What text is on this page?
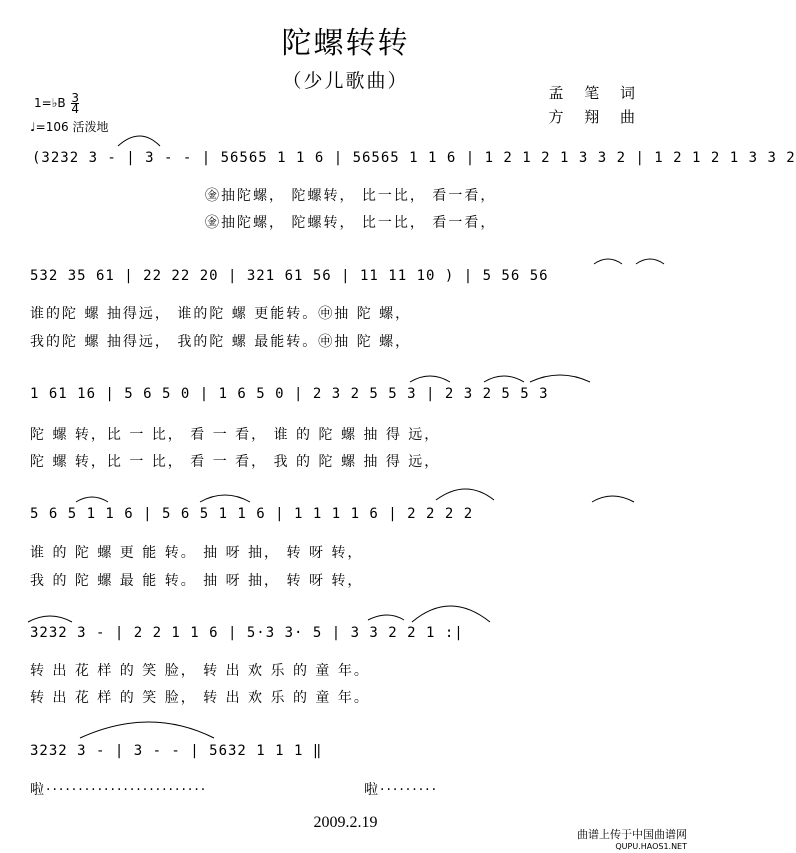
陀螺转转
（少儿歌曲）
孟 笔 词
方 翔 曲
1=♭B $\frac{3}{4}$
♩=106 活泼地
(3232 3 - | 3 - - | 56565 1 1 6 | 56565 1 1 6 | 1 2 1 2 1 3 3 2 | 1 2 1 2 1 3 3 2
㊎抽陀螺， 陀螺转， 比一比， 看一看，
㊎抽陀螺， 陀螺转， 比一比， 看一看，
532 35 61 | 22 22 20 | 321 61 56 | 11 11 10 ) | 5 56 56
谁的陀 螺 抽得远， 谁的陀 螺 更能转。㊥抽 陀 螺，
我的陀 螺 抽得远， 我的陀 螺 最能转。㊥抽 陀 螺，
1 61 16 | 5 6 5 0 | 1 6 5 0 | 2 3 2 5 5 3 | 2 3 2 5 5 3
陀 螺 转，比 一 比， 看 一 看， 谁 的 陀 螺 抽 得 远，
陀 螺 转，比 一 比， 看 一 看， 我 的 陀 螺 抽 得 远，
5 6 5 1 1 6 | 5 6 5 1 1 6 | 1 1 1 1 6 | 2 2 2 2
谁 的 陀 螺 更 能 转。 抽 呀 抽， 转 呀 转，
我 的 陀 螺 最 能 转。 抽 呀 抽， 转 呀 转，
3232 3 - | 2 2 1 1 6 | 5·3 3· 5 | 3 3 2 2 1 :|
转 出 花 样 的 笑 脸， 转 出 欢 乐 的 童 年。
转 出 花 样 的 笑 脸， 转 出 欢 乐 的 童 年。
3232 3 - | 3 - - | 5632 1 1 1 ‖
啦·························	啦·········
2009.2.19
曲谱上传于中国曲谱网
QUPU.HAOS1.NET
